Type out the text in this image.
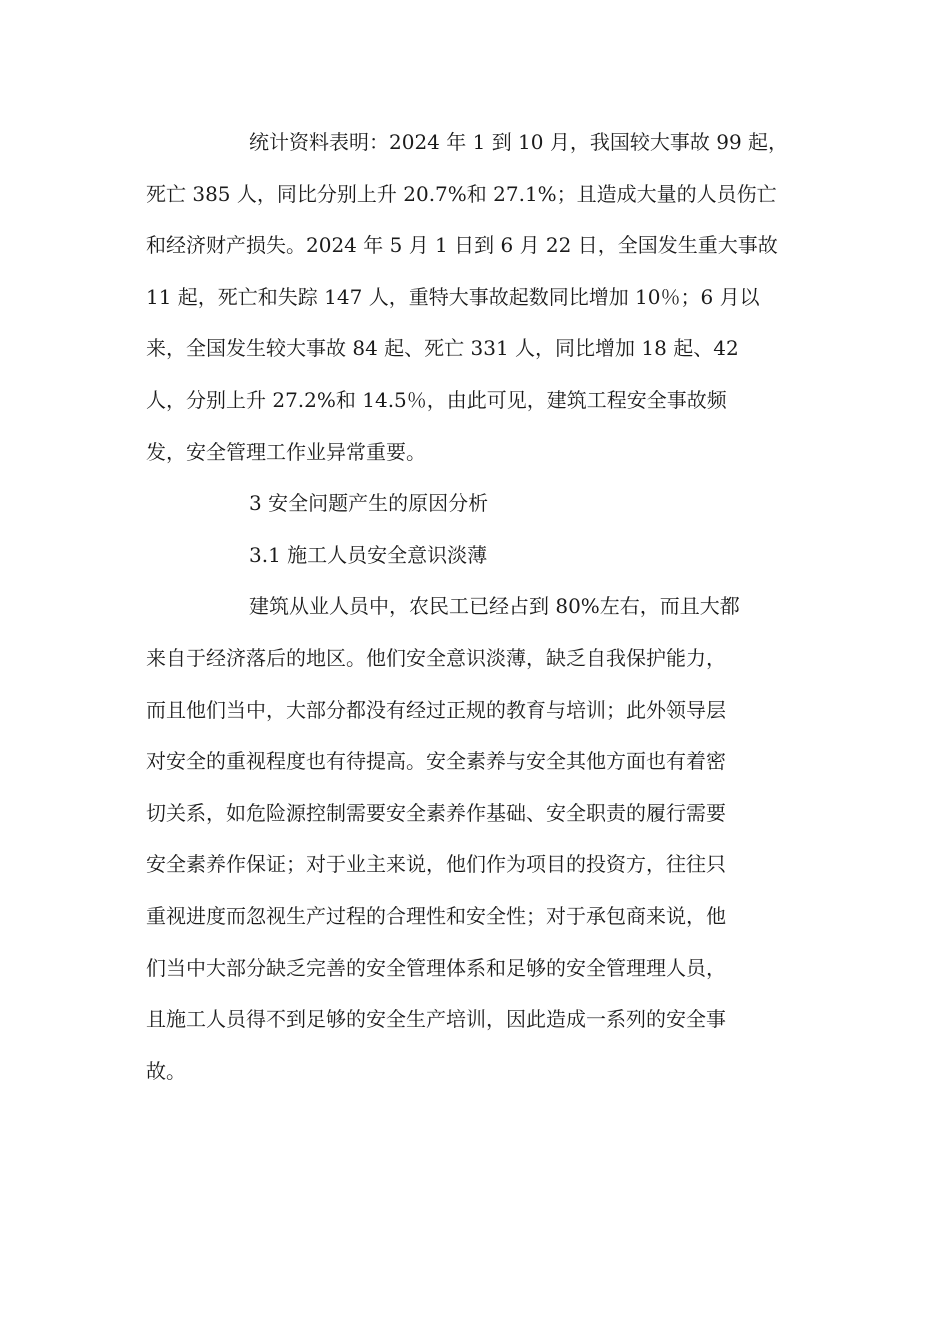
统计资料表明：2024 年 1 到 10 月，我国较大事故 99 起，
死亡 385 人，同比分别上升 20.7%和 27.1%；且造成大量的人员伤亡
和经济财产损失。2024 年 5 月 1 日到 6 月 22 日，全国发生重大事故
11 起，死亡和失踪 147 人，重特大事故起数同比增加 10％；6 月以
来，全国发生较大事故 84 起、死亡 331 人，同比增加 18 起、42
人，分别上升 27.2%和 14.5％，由此可见，建筑工程安全事故频
发，安全管理工作业异常重要。
3 安全问题产生的原因分析
3.1 施工人员安全意识淡薄
建筑从业人员中，农民工已经占到 80%左右，而且大都
来自于经济落后的地区。他们安全意识淡薄，缺乏自我保护能力，
而且他们当中，大部分都没有经过正规的教育与培训；此外领导层
对安全的重视程度也有待提高。安全素养与安全其他方面也有着密
切关系，如危险源控制需要安全素养作基础、安全职责的履行需要
安全素养作保证；对于业主来说，他们作为项目的投资方，往往只
重视进度而忽视生产过程的合理性和安全性；对于承包商来说，他
们当中大部分缺乏完善的安全管理体系和足够的安全管理理人员，
且施工人员得不到足够的安全生产培训，因此造成一系列的安全事
故。
